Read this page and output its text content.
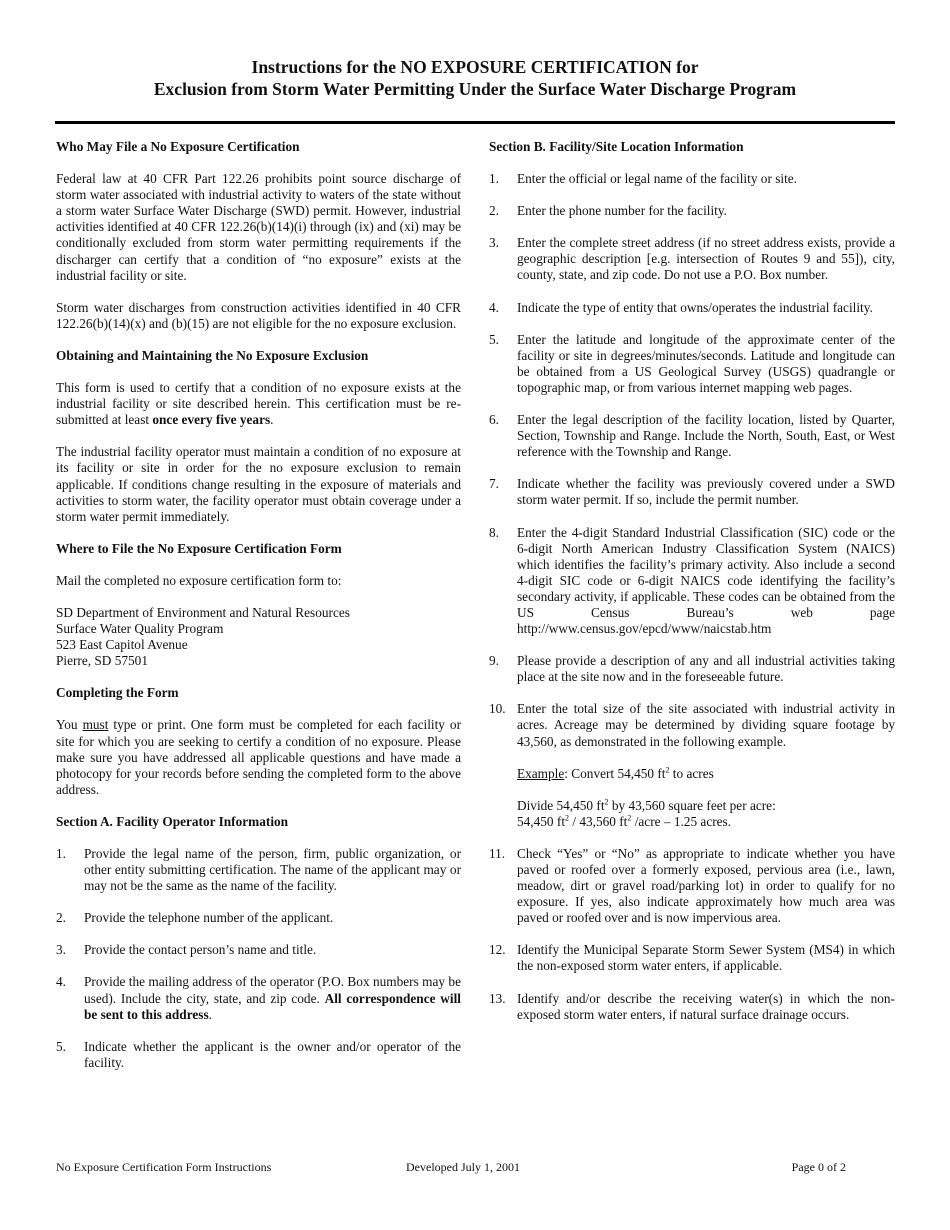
Instructions for the NO EXPOSURE CERTIFICATION for
Exclusion from Storm Water Permitting Under the Surface Water Discharge Program
Who May File a No Exposure Certification

Federal law at 40 CFR Part 122.26 prohibits point source discharge of storm water associated with industrial activity to waters of the state without a storm water Surface Water Discharge (SWD) permit. However, industrial activities identified at 40 CFR 122.26(b)(14)(i) through (ix) and (xi) may be conditionally excluded from storm water permitting requirements if the discharger can certify that a condition of “no exposure” exists at the industrial facility or site.

Storm water discharges from construction activities identified in 40 CFR 122.26(b)(14)(x) and (b)(15) are not eligible for the no exposure exclusion.

Obtaining and Maintaining the No Exposure Exclusion

This form is used to certify that a condition of no exposure exists at the industrial facility or site described herein. This certification must be re-submitted at least once every five years.

The industrial facility operator must maintain a condition of no exposure at its facility or site in order for the no exposure exclusion to remain applicable. If conditions change resulting in the exposure of materials and activities to storm water, the facility operator must obtain coverage under a storm water permit immediately.

Where to File the No Exposure Certification Form

Mail the completed no exposure certification form to:

SD Department of Environment and Natural Resources
Surface Water Quality Program
523 East Capitol Avenue
Pierre, SD 57501

Completing the Form

You must type or print. One form must be completed for each facility or site for which you are seeking to certify a condition of no exposure. Please make sure you have addressed all applicable questions and have made a photocopy for your records before sending the completed form to the above address.

Section A. Facility Operator Information
1.	Provide the legal name of the person, firm, public organization, or other entity submitting certification. The name of the applicant may or may not be the same as the name of the facility.
2.	Provide the telephone number of the applicant.
3.	Provide the contact person’s name and title.
4.	Provide the mailing address of the operator (P.O. Box numbers may be used). Include the city, state, and zip code. All correspondence will be sent to this address.
5.	Indicate whether the applicant is the owner and/or operator of the facility.
Section B. Facility/Site Location Information
1.	Enter the official or legal name of the facility or site.
2.	Enter the phone number for the facility.
3.	Enter the complete street address (if no street address exists, provide a geographic description [e.g. intersection of Routes 9 and 55]), city, county, state, and zip code. Do not use a P.O. Box number.
4.	Indicate the type of entity that owns/operates the industrial facility.
5.	Enter the latitude and longitude of the approximate center of the facility or site in degrees/minutes/seconds. Latitude and longitude can be obtained from a US Geological Survey (USGS) quadrangle or topographic map, or from various internet mapping web pages.
6.	Enter the legal description of the facility location, listed by Quarter, Section, Township and Range. Include the North, South, East, or West reference with the Township and Range.
7.	Indicate whether the facility was previously covered under a SWD storm water permit. If so, include the permit number.
8.	Enter the 4-digit Standard Industrial Classification (SIC) code or the 6-digit North American Industry Classification System (NAICS) which identifies the facility’s primary activity. Also include a second 4-digit SIC code or 6-digit NAICS code identifying the facility’s secondary activity, if applicable. These codes can be obtained from the US Census Bureau’s web page http://www.census.gov/epcd/www/naicstab.htm
9.	Please provide a description of any and all industrial activities taking place at the site now and in the foreseeable future.
10. Enter the total size of the site associated with industrial activity in acres. Acreage may be determined by dividing square footage by 43,560, as demonstrated in the following example.
Example: Convert 54,450 $ft^2$ to acres
Divide 54,450 $ft^2$ by 43,560 square feet per acre:
54,450 $ft^2 / 43,560$ $ft^2$ /acre – 1.25 acres.
11. Check “Yes” or “No” as appropriate to indicate whether you have paved or roofed over a formerly exposed, pervious area (i.e., lawn, meadow, dirt or gravel road/parking lot) in order to qualify for no exposure. If yes, also indicate approximately how much area was paved or roofed over and is now impervious area.
12. Identify the Municipal Separate Storm Sewer System (MS4) in which the non-exposed storm water enters, if applicable.
13. Identify and/or describe the receiving water(s) in which the non-exposed storm water enters, if natural surface drainage occurs.
No Exposure Certification Form Instructions	Developed July 1, 2001	Page 0 of 2
